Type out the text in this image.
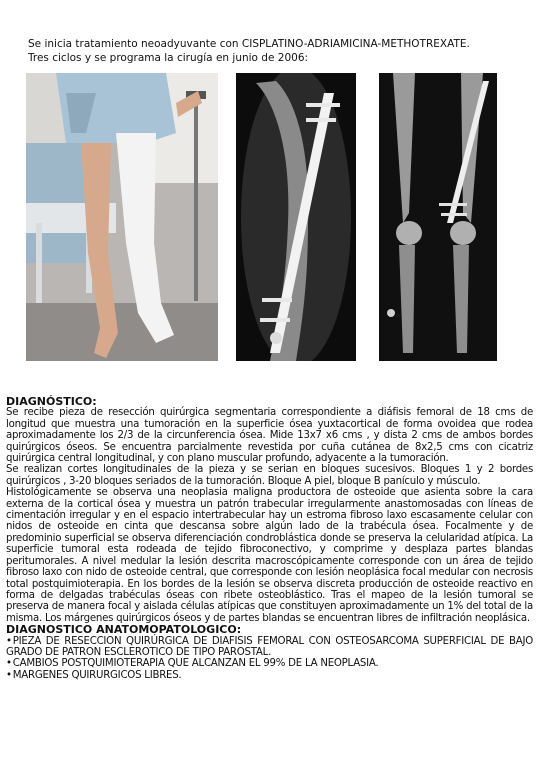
Se inicia tratamiento neoadyuvante con CISPLATINO-ADRIAMICINA-METHOTREXATE.
Tres ciclos y se programa la cirugía en junio de 2006:
DIAGNÓSTICO:

Se recibe pieza de resección quirúrgica segmentaria correspondiente a diáfisis femoral de 18 cms de longitud que muestra una tumoración en la superficie ósea yuxtacortical de forma ovoidea que rodea aproximadamente los 2/3 de la circunferencia ósea. Mide 13x7 x6 cms , y dista 2 cms de ambos bordes quirúrgicos óseos. Se encuentra parcialmente revestida por cuña cutánea de 8x2,5 cms con cicatriz quirúrgica central longitudinal, y con plano muscular profundo, adyacente a la tumoración.

Se realizan cortes longitudinales de la pieza y se serian en bloques sucesivos. Bloques 1 y 2 bordes quirúrgicos , 3-20 bloques seriados de la tumoración. Bloque A piel, bloque B panículo y músculo.

Histológicamente se observa una neoplasia maligna productora de osteoide que asienta sobre la cara externa de la cortical ósea y muestra un patrón trabecular irregularmente anastomosadas con líneas de cimentación irregular y en el espacio intertrabecular hay un estroma fibroso laxo escasamente celular con nidos de osteoide en cinta que descansa sobre algún lado de la trabécula ósea. Focalmente y de predominio superficial se observa diferenciación condroblástica donde se preserva la celularidad atípica. La superficie tumoral esta rodeada de tejido fibroconectivo, y comprime y desplaza partes blandas peritumorales. A nivel medular la lesión descrita macroscópicamente corresponde con un área de tejido fibroso laxo con nido de osteoide central, que corresponde con lesión neoplásica focal medular con necrosis total postquimioterapia. En los bordes de la lesión se observa discreta producción de osteoide reactivo en forma de delgadas trabéculas óseas con ribete osteoblástico. Tras el mapeo de la lesión tumoral se preserva de manera focal y aislada células atípicas que constituyen aproximadamente un 1% del total de la misma. Los márgenes quirúrgicos óseos y de partes blandas se encuentran libres de infiltración neoplásica.

DIAGNOSTICO ANATOMOPATOLOGICO:

•PIEZA DE RESECCION QUIRÚRGICA DE DIAFISIS FEMORAL CON OSTEOSARCOMA SUPERFICIAL DE BAJO GRADO DE PATRON ESCLEROTICO DE TIPO PAROSTAL.

•CAMBIOS POSTQUIMIOTERAPIA QUE ALCANZAN EL 99% DE LA NEOPLASIA.

•MARGENES QUIRURGICOS LIBRES.
